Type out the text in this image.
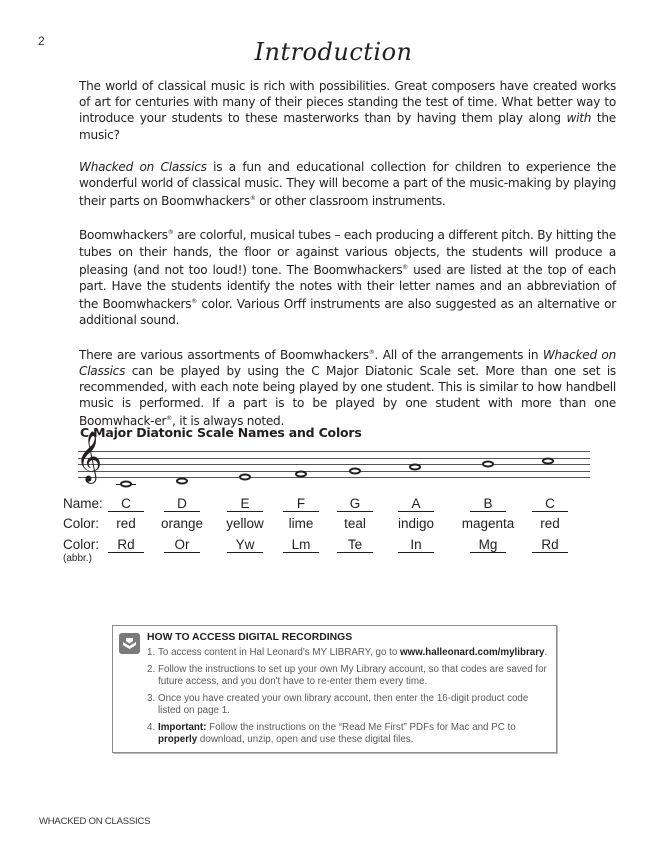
2	Introduction

The world of classical music is rich with possibilities. Great composers have created works of art for centuries with many of their pieces standing the test of time. What better way to introduce your students to these masterworks than by having them play along with the music?

Whacked on Classics is a fun and educational collection for children to experience the wonderful world of classical music. They will become a part of the music-making by playing their parts on Boomwhackers® or other classroom instruments.

Boomwhackers® are colorful, musical tubes – each producing a different pitch. By hitting the tubes on their hands, the floor or against various objects, the students will produce a pleasing (and not too loud!) tone. The Boomwhackers® used are listed at the top of each part. Have the students identify the notes with their letter names and an abbreviation of the Boomwhackers® color. Various Orff instruments are also suggested as an alternative or additional sound.

There are various assortments of Boomwhackers®. All of the arrangements in Whacked on Classics can be played by using the C Major Diatonic Scale set. More than one set is recommended, with each note being played by one student. This is similar to how handbell music is performed. If a part is to be played by one student with more than one Boomwhack-er®, it is always noted.

C Major Diatonic Scale Names and Colors
𝄞
Name:	C	D	E	F	G	A	B	C
Color: red orange yellow lime teal indigo magenta red
Color:	Rd	Or	Yw	Lm	Te	In	Mg	Rd
(abbr.)
HOW TO ACCESS DIGITAL RECORDINGS
1. To access content in Hal Leonard's MY LIBRARY, go to www.halleonard.com/mylibrary.
2. Follow the instructions to set up your own My Library account, so that codes are saved for future access, and you don't have to re-enter them every time.
3. Once you have created your own library account, then enter the 16-digit product code listed on page 1.
4. Important: Follow the instructions on the “Read Me First” PDFs for Mac and PC to properly download, unzip, open and use these digital files.
WHACKED ON CLASSICS
